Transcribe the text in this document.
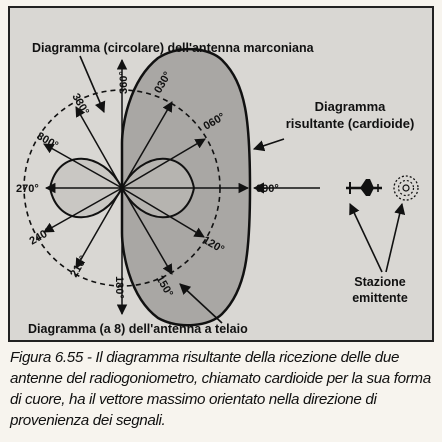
Diagramma (circolare) dell'antenna marconiana
Diagramma
risultante (cardioide)
Diagramma (a 8) dell'antenna a telaio
Stazione
emittente
360° 030°
060°
090°
120°
150°
180°
210°
240°
270°
300°
330°
Figura 6.55 - Il diagramma risultante della ricezione delle due antenne del radiogoniometro, chiamato cardioide per la sua forma di cuore, ha il vettore massimo orientato nella direzione di provenienza dei segnali.
